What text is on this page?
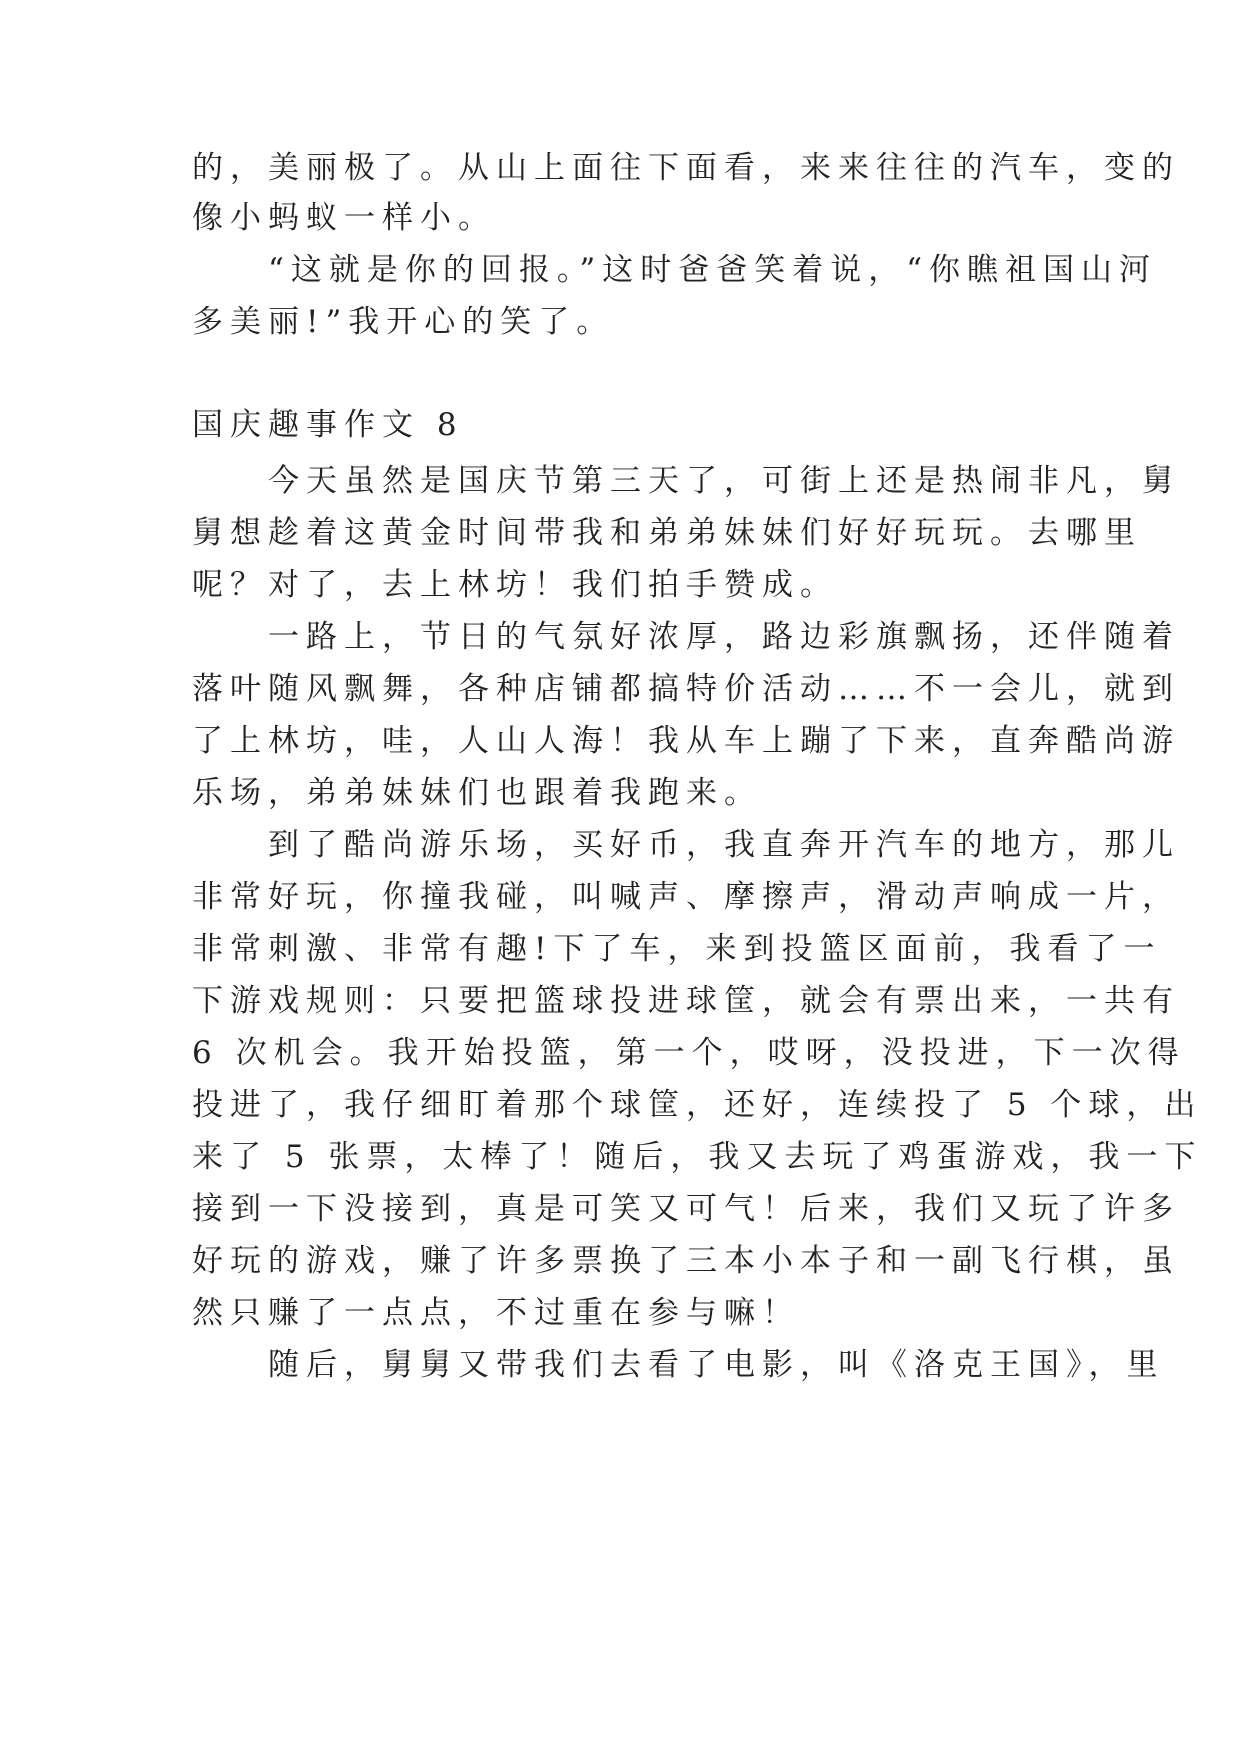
的，美丽极了。从山上面往下面看，来来往往的汽车，变的
像小蚂蚁一样小。
　　“这就是你的回报。”这时爸爸笑着说，“你瞧祖国山河
多美丽!”我开心的笑了。
国庆趣事作文 8
　　今天虽然是国庆节第三天了，可街上还是热闹非凡，舅
舅想趁着这黄金时间带我和弟弟妹妹们好好玩玩。去哪里
呢？对了，去上林坊！我们拍手赞成。
　　一路上，节日的气氛好浓厚，路边彩旗飘扬，还伴随着
落叶随风飘舞，各种店铺都搞特价活动……不一会儿，就到
了上林坊，哇，人山人海！我从车上蹦了下来，直奔酷尚游
乐场，弟弟妹妹们也跟着我跑来。
　　到了酷尚游乐场，买好币，我直奔开汽车的地方，那儿
非常好玩，你撞我碰，叫喊声、摩擦声，滑动声响成一片，
非常刺激、非常有趣!下了车，来到投篮区面前，我看了一
下游戏规则：只要把篮球投进球筐，就会有票出来，一共有
6 次机会。我开始投篮，第一个，哎呀，没投进，下一次得
投进了，我仔细盯着那个球筐，还好，连续投了 5 个球，出
来了 5 张票，太棒了！随后，我又去玩了鸡蛋游戏，我一下
接到一下没接到，真是可笑又可气！后来，我们又玩了许多
好玩的游戏，赚了许多票换了三本小本子和一副飞行棋，虽
然只赚了一点点，不过重在参与嘛！
　　随后，舅舅又带我们去看了电影，叫《洛克王国》，里
